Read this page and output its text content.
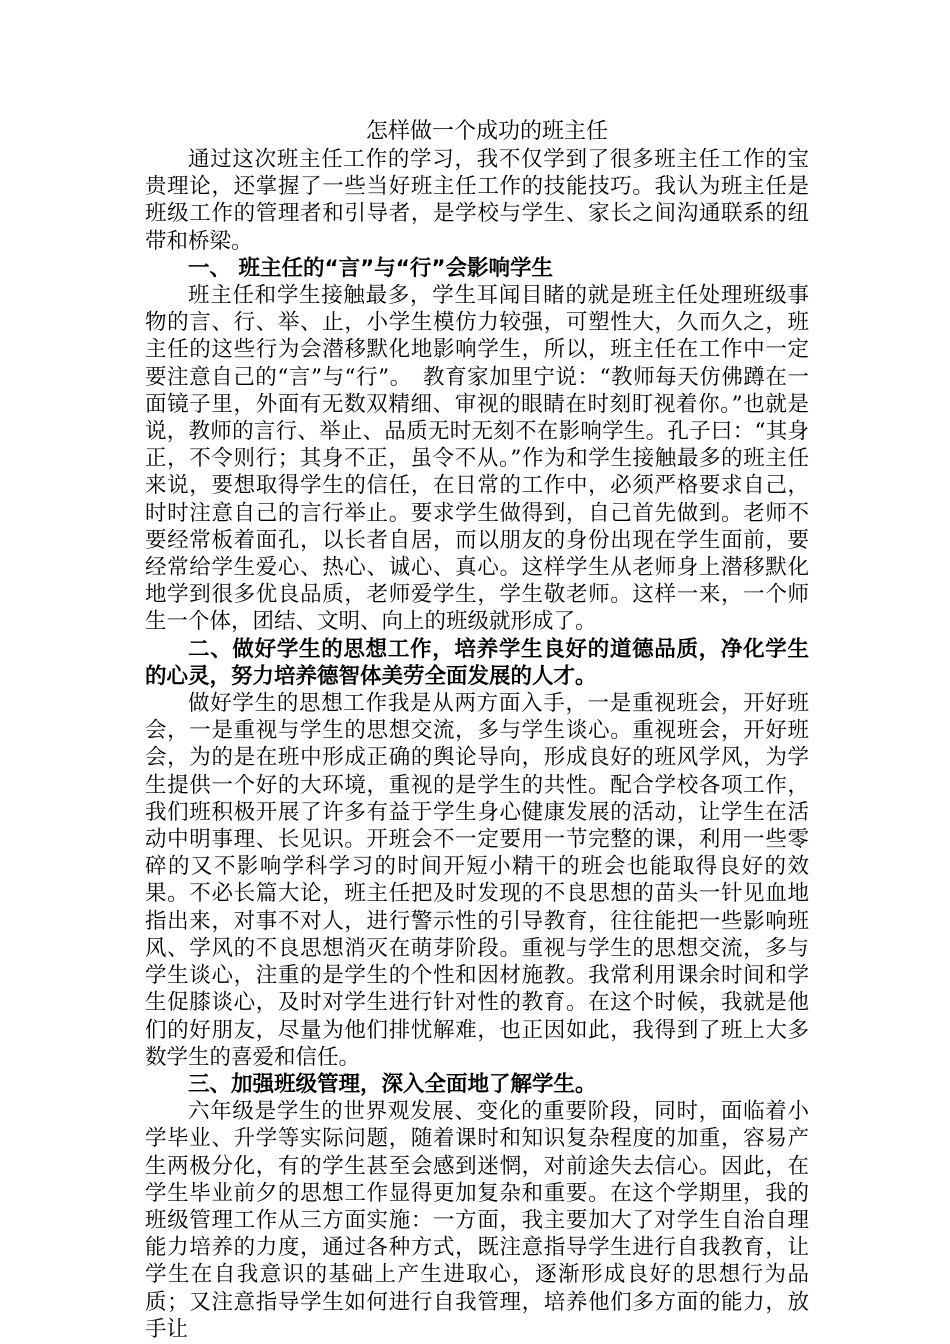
怎样做一个成功的班主任

通过这次班主任工作的学习，我不仅学到了很多班主任工作的宝贵理论，还掌握了一些当好班主任工作的技能技巧。我认为班主任是班级工作的管理者和引导者，是学校与学生、家长之间沟通联系的纽带和桥梁。

一、 班主任的“言”与“行”会影响学生

班主任和学生接触最多，学生耳闻目睹的就是班主任处理班级事物的言、行、举、止，小学生模仿力较强，可塑性大，久而久之，班主任的这些行为会潜移默化地影响学生，所以，班主任在工作中一定要注意自己的“言”与“行”。　教育家加里宁说：“教师每天仿佛蹲在一面镜子里，外面有无数双精细、审视的眼睛在时刻盯视着你。”也就是说，教师的言行、举止、品质无时无刻不在影响学生。孔子曰：“其身正，不令则行；其身不正，虽令不从。”作为和学生接触最多的班主任来说，要想取得学生的信任，在日常的工作中，必须严格要求自己，时时注意自己的言行举止。要求学生做得到，自己首先做到。老师不要经常板着面孔，以长者自居，而以朋友的身份出现在学生面前，要经常给学生爱心、热心、诚心、真心。这样学生从老师身上潜移默化地学到很多优良品质，老师爱学生，学生敬老师。这样一来，一个师生一个体，团结、文明、向上的班级就形成了。

二、做好学生的思想工作，培养学生良好的道德品质，净化学生的心灵，努力培养德智体美劳全面发展的人才。

做好学生的思想工作我是从两方面入手，一是重视班会，开好班会，一是重视与学生的思想交流，多与学生谈心。重视班会，开好班会，为的是在班中形成正确的舆论导向，形成良好的班风学风，为学生提供一个好的大环境，重视的是学生的共性。配合学校各项工作，我们班积极开展了许多有益于学生身心健康发展的活动，让学生在活动中明事理、长见识。开班会不一定要用一节完整的课，利用一些零碎的又不影响学科学习的时间开短小精干的班会也能取得良好的效果。不必长篇大论，班主任把及时发现的不良思想的苗头一针见血地指出来，对事不对人，进行警示性的引导教育，往往能把一些影响班风、学风的不良思想消灭在萌芽阶段。重视与学生的思想交流，多与学生谈心，注重的是学生的个性和因材施教。我常利用课余时间和学生促膝谈心，及时对学生进行针对性的教育。在这个时候，我就是他们的好朋友，尽量为他们排忧解难，也正因如此，我得到了班上大多数学生的喜爱和信任。

三、加强班级管理，深入全面地了解学生。

六年级是学生的世界观发展、变化的重要阶段，同时，面临着小学毕业、升学等实际问题，随着课时和知识复杂程度的加重，容易产生两极分化，有的学生甚至会感到迷惘，对前途失去信心。因此，在学生毕业前夕的思想工作显得更加复杂和重要。在这个学期里，我的班级管理工作从三方面实施：一方面，我主要加大了对学生自治自理能力培养的力度，通过各种方式，既注意指导学生进行自我教育，让学生在自我意识的基础上产生进取心，逐渐形成良好的思想行为品质；又注意指导学生如何进行自我管理，培养他们多方面的能力，放手让
